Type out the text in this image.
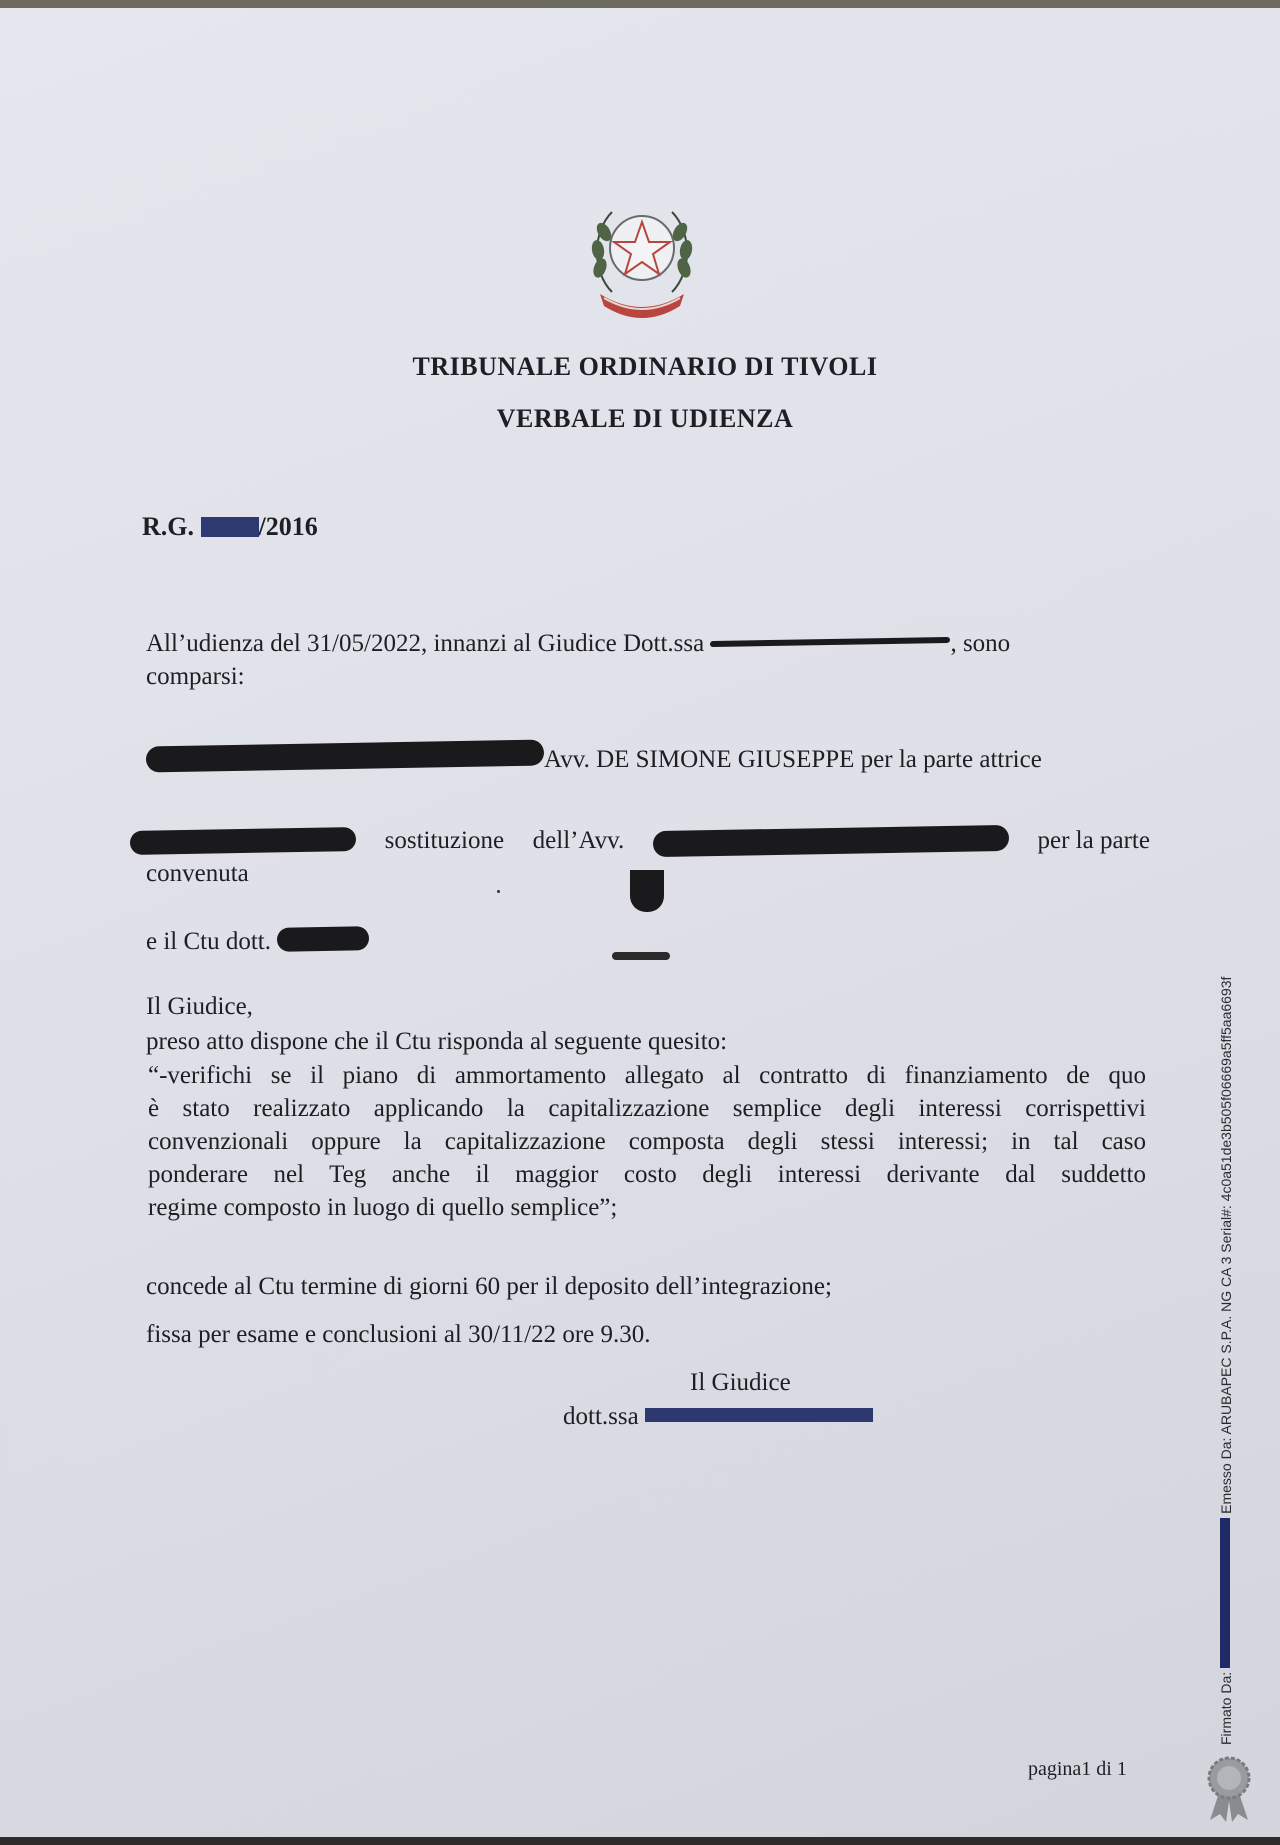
TRIBUNALE ORDINARIO DI TIVOLI
VERBALE DI UDIENZA
R.G. /2016
All’udienza del 31/05/2022, innanzi al Giudice Dott.ssa	, sono
comparsi:
Avv. DE SIMONE GIUSEPPE per la parte attrice
sostituzione dell’Avv.	per la parte
convenuta
e il Ctu dott.
Il Giudice,
preso atto dispone che il Ctu risponda al seguente quesito:
“-verifichi se il piano di ammortamento allegato al contratto di finanziamento de quo
è stato realizzato applicando la capitalizzazione semplice degli interessi corrispettivi
convenzionali oppure la capitalizzazione composta degli stessi interessi; in tal caso
ponderare nel Teg anche il maggior costo degli interessi derivante dal suddetto
regime composto in luogo di quello semplice”;
concede al Ctu termine di giorni 60 per il deposito dell’integrazione;
fissa per esame e conclusioni al 30/11/22 ore 9.30.
Il Giudice
dott.ssa
Firmato Da:Emesso Da: ARUBAPEC S.P.A. NG CA 3 Serial#: 4c0a51de3b505f06669a5ff5aa6693f
pagina1 di 1
